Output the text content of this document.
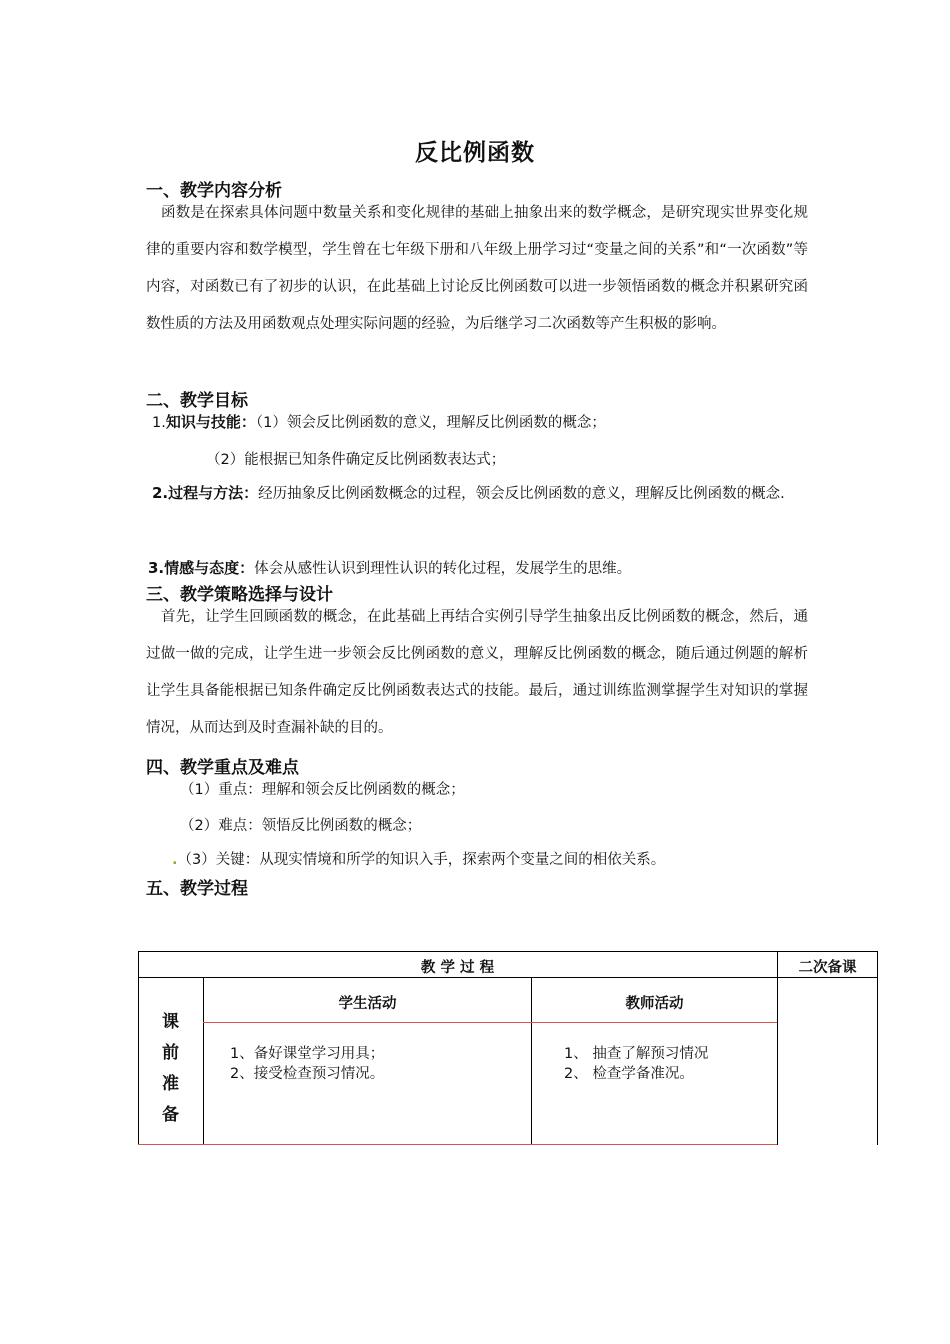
反比例函数
一、教学内容分析
函数是在探索具体问题中数量关系和变化规律的基础上抽象出来的数学概念，是研究现实世界变化规律的重要内容和数学模型，学生曾在七年级下册和八年级上册学习过“变量之间的关系”和“一次函数”等内容，对函数已有了初步的认识，在此基础上讨论反比例函数可以进一步领悟函数的概念并积累研究函数性质的方法及用函数观点处理实际问题的经验，为后继学习二次函数等产生积极的影响。
二、教学目标
1.知识与技能：（1）领会反比例函数的意义，理解反比例函数的概念；
（2）能根据已知条件确定反比例函数表达式；
2.过程与方法：经历抽象反比例函数概念的过程，领会反比例函数的意义，理解反比例函数的概念.
3.情感与态度：体会从感性认识到理性认识的转化过程，发展学生的思维。
三、教学策略选择与设计
首先，让学生回顾函数的概念，在此基础上再结合实例引导学生抽象出反比例函数的概念，然后，通过做一做的完成，让学生进一步领会反比例函数的意义，理解反比例函数的概念，随后通过例题的解析让学生具备能根据已知条件确定反比例函数表达式的技能。最后，通过训练监测掌握学生对知识的掌握情况，从而达到及时查漏补缺的目的。
四、教学重点及难点
（1）重点：理解和领会反比例函数的概念；
（2）难点：领悟反比例函数的概念；
.（3）关键：从现实情境和所学的知识入手，探索两个变量之间的相依关系。
五、教学过程
教 学 过 程	二次备课
学生活动	教师活动
课
前
准
备
1、备好课堂学习用具；
2、接受检查预习情况。
1、 抽查了解预习情况
2、 检查学备准况。
